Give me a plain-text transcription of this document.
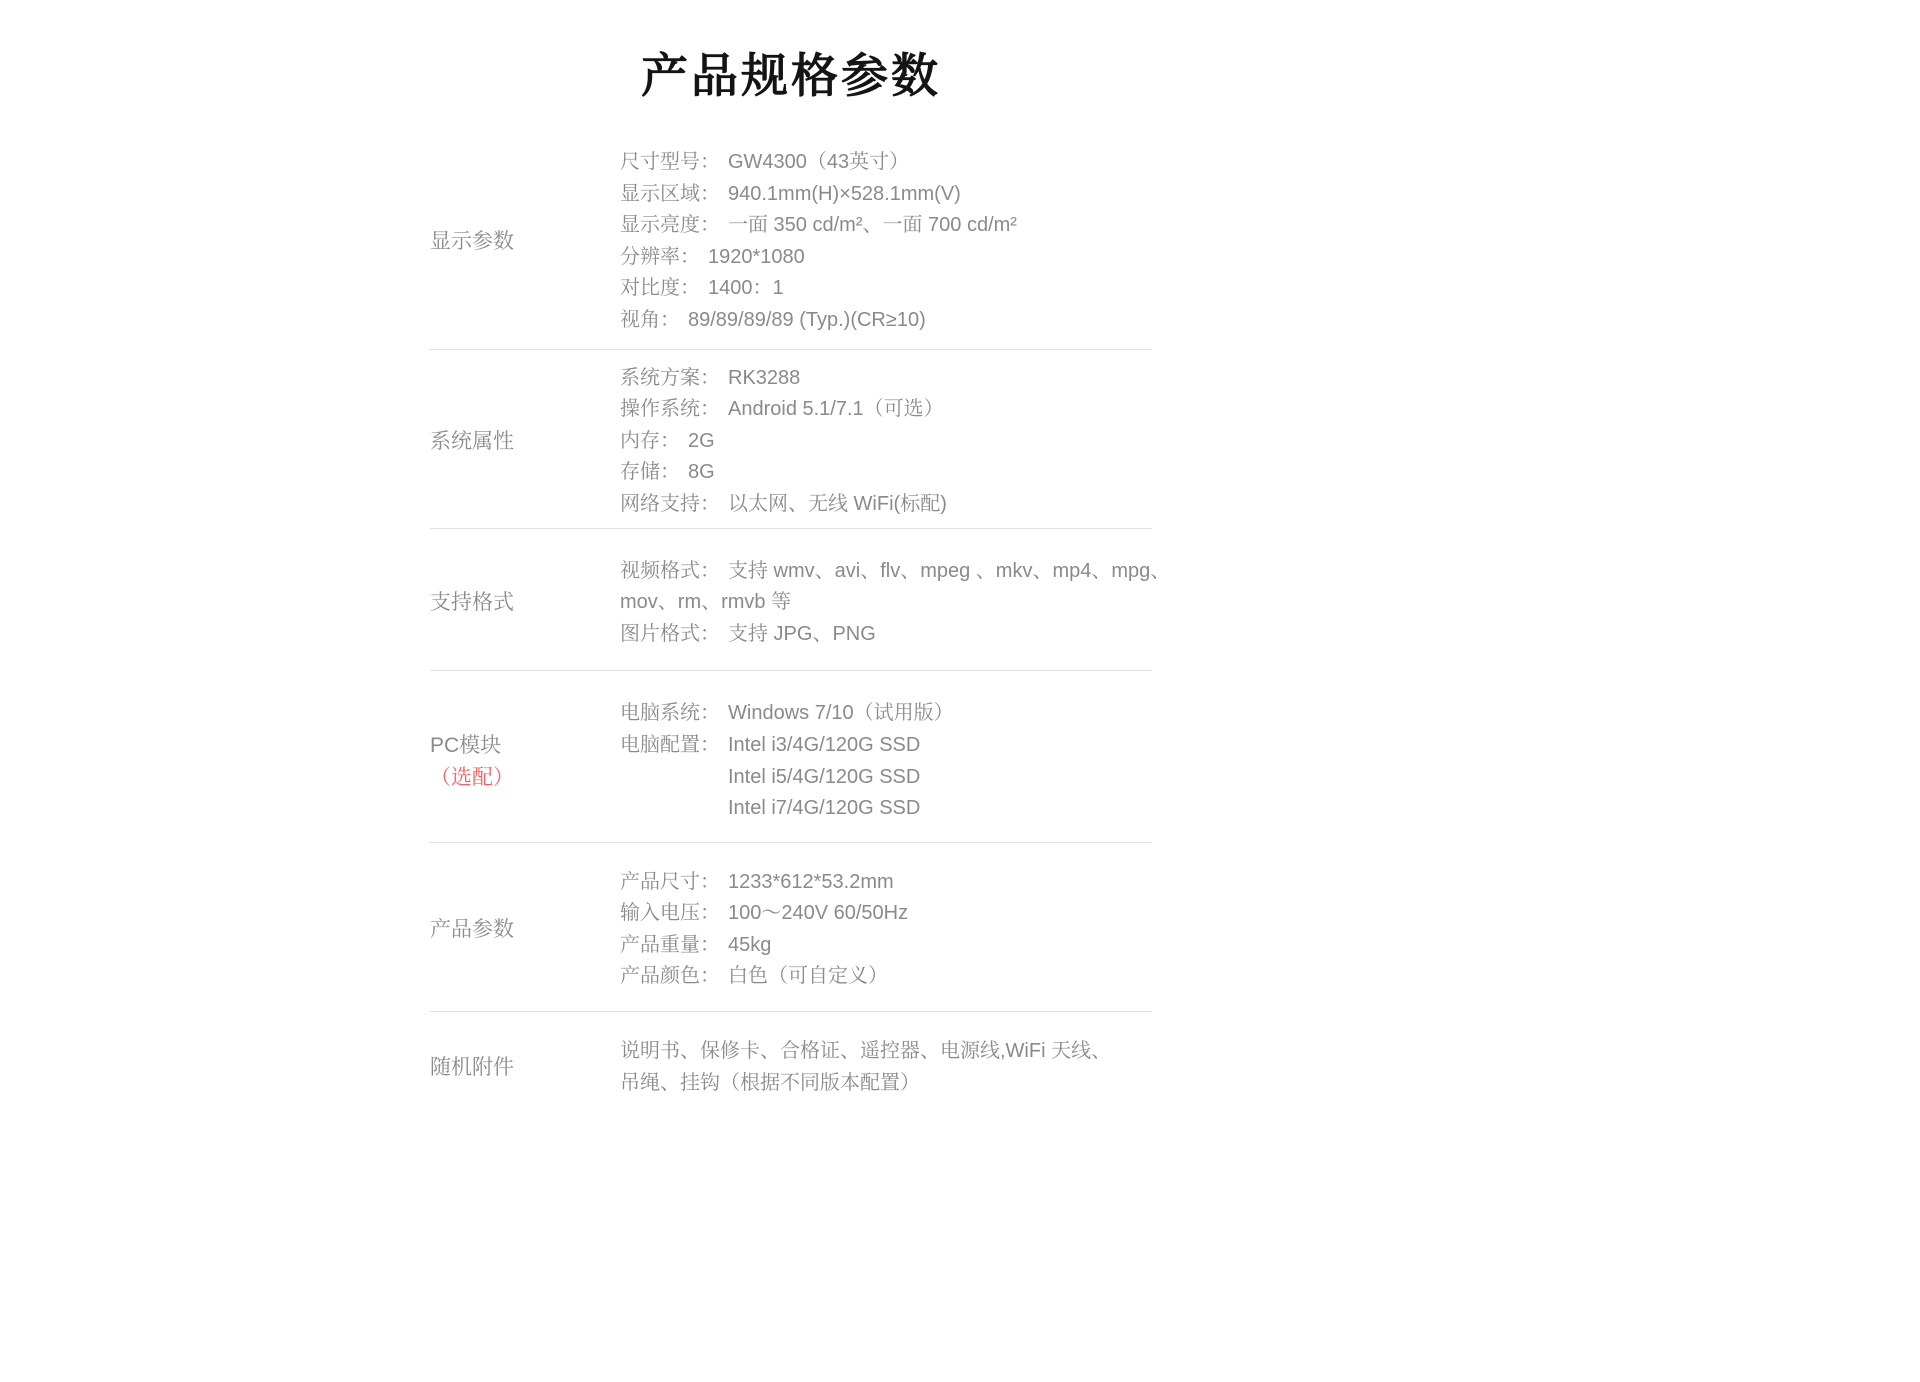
产品规格参数
显示参数
尺寸型号： GW4300（43英寸）
显示区域： 940.1mm(H)×528.1mm(V)
显示亮度： 一面 350 cd/m²、一面 700 cd/m²
分辨率： 1920*1080
对比度： 1400：1
视角： 89/89/89/89 (Typ.)(CR≥10)
系统属性
系统方案： RK3288
操作系统： Android 5.1/7.1（可选）
内存： 2G
存储： 8G
网络支持： 以太网、无线 WiFi(标配)
支持格式
视频格式： 支持 wmv、avi、flv、mpeg 、mkv、mp4、mpg、
mov、rm、rmvb 等
图片格式： 支持 JPG、PNG
PC模块
（选配）
电脑系统： Windows 7/10（试用版）
电脑配置： Intel i3/4G/120G SSD
Intel i5/4G/120G SSD
Intel i7/4G/120G SSD
产品参数
产品尺寸： 1233*612*53.2mm
输入电压： 100～240V 60/50Hz
产品重量： 45kg
产品颜色： 白色（可自定义）
随机附件
说明书、保修卡、合格证、遥控器、电源线,WiFi 天线、
吊绳、挂钩（根据不同版本配置）
